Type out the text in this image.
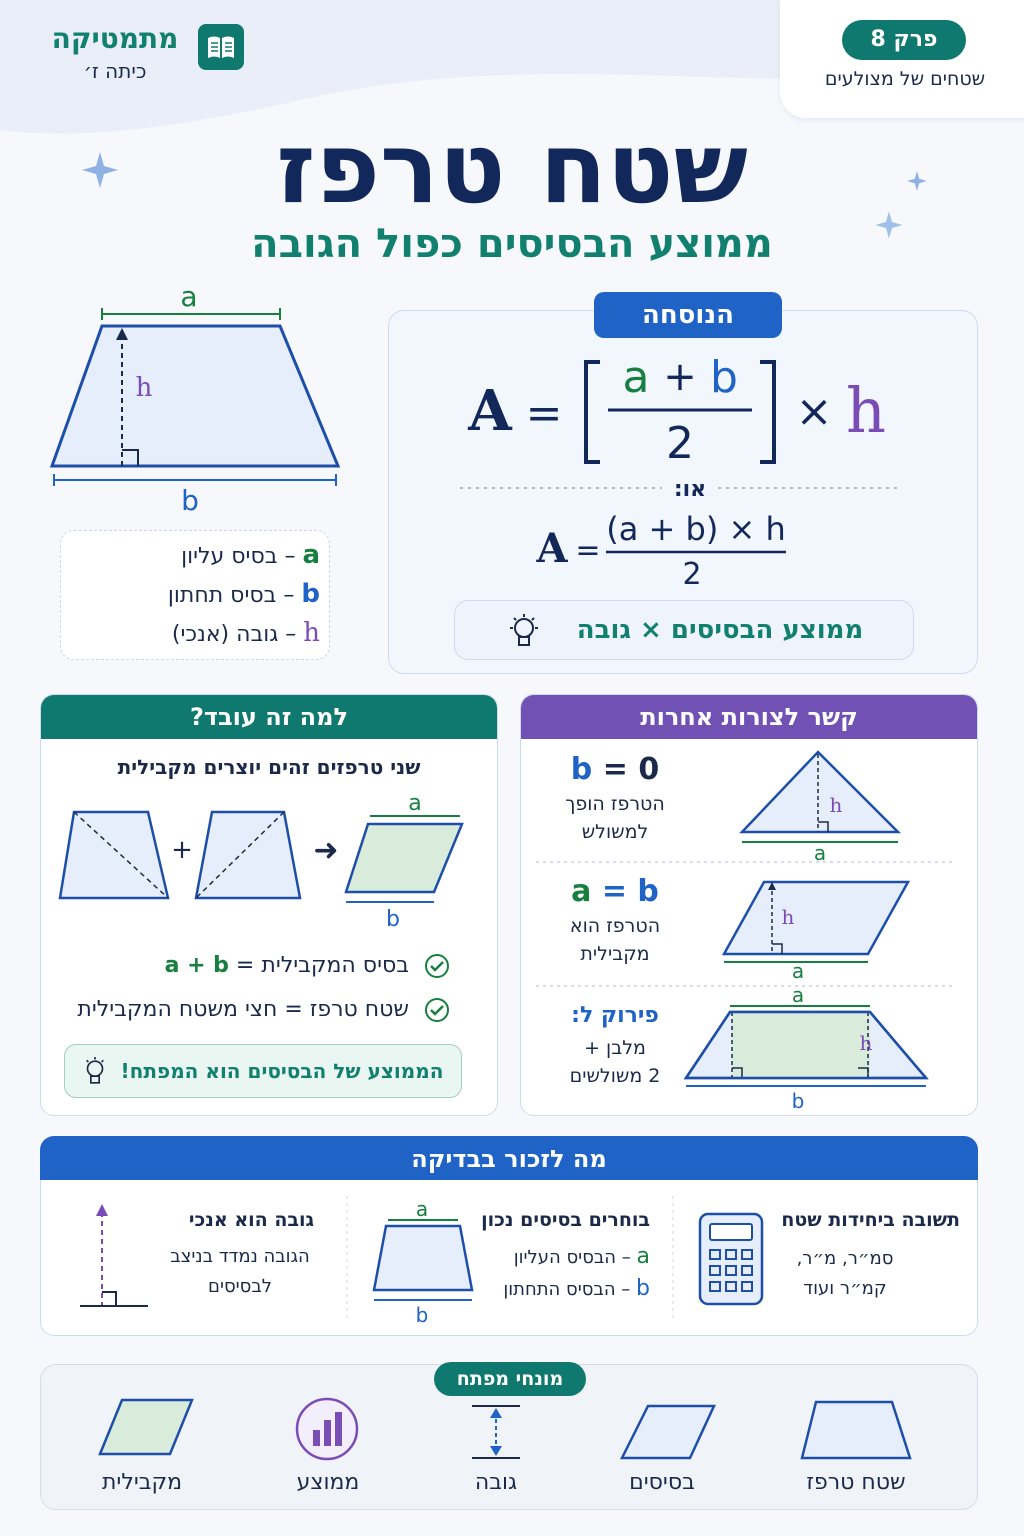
פרק 8
שטחים של מצולעים
מתמטיקה
כיתה ז׳
שטח טרפז
ממוצע הבסיסים כפול הגובה
a
h
b
a – בסיס עליון
b – בסיס תחתון
h – גובה (אנכי)
הנוסחה
A =
a + b
2
× h
או:
A =
(a + b) × h
2
ממוצע הבסיסים × גובה
למה זה עובד?
שני טרפזים זהים יוצרים מקבילית
+	➜
a
b
בסיס המקבילית = a + b
שטח טרפז = חצי משטח המקבילית
הממוצע של הבסיסים הוא המפתח!
קשר לצורות אחרות
b = 0
הטרפז הופך
למשולש
h
a
a = b
הטרפז הוא
מקבילית
h
a
פירוק ל:
מלבן +
2 משולשים
h
a
b
מה לזכור בבדיקה
תשובה ביחידות שטח
סמ״ר, מ״ר,
קמ״ר ועוד
בוחרים בסיסים נכון
a – הבסיס העליון
b – הבסיס התחתון
a
b
גובה הוא אנכי
הגובה נמדד בניצב
לבסיסים
מונחי מפתח
שטח טרפז
בסיסים
גובה
ממוצע
מקבילית
